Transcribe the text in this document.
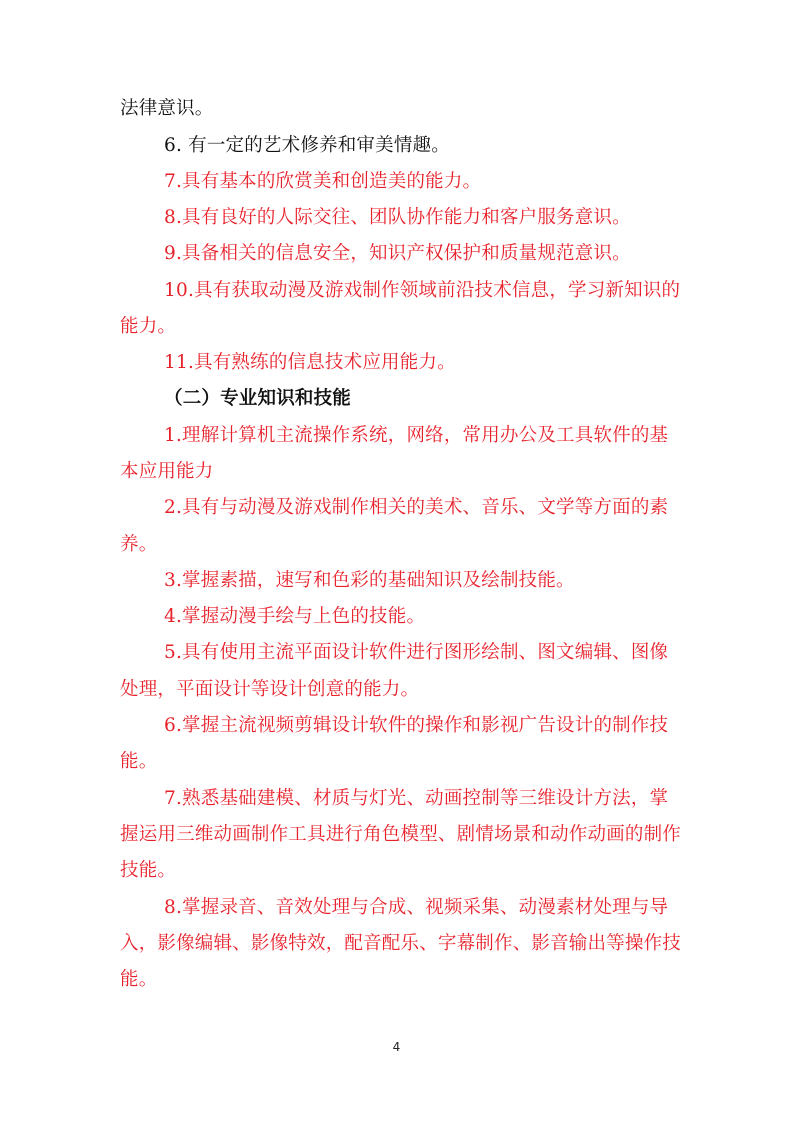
法律意识。
6. 有一定的艺术修养和审美情趣。
7.具有基本的欣赏美和创造美的能力。
8.具有良好的人际交往、团队协作能力和客户服务意识。
9.具备相关的信息安全，知识产权保护和质量规范意识。
10.具有获取动漫及游戏制作领域前沿技术信息，学习新知识的
能力。
11.具有熟练的信息技术应用能力。
（二）专业知识和技能
1.理解计算机主流操作系统，网络，常用办公及工具软件的基
本应用能力
2.具有与动漫及游戏制作相关的美术、音乐、文学等方面的素
养。
3.掌握素描，速写和色彩的基础知识及绘制技能。
4.掌握动漫手绘与上色的技能。
5.具有使用主流平面设计软件进行图形绘制、图文编辑、图像
处理，平面设计等设计创意的能力。
6.掌握主流视频剪辑设计软件的操作和影视广告设计的制作技
能。
7.熟悉基础建模、材质与灯光、动画控制等三维设计方法，掌
握运用三维动画制作工具进行角色模型、剧情场景和动作动画的制作
技能。
8.掌握录音、音效处理与合成、视频采集、动漫素材处理与导
入，影像编辑、影像特效，配音配乐、字幕制作、影音输出等操作技
能。
4
